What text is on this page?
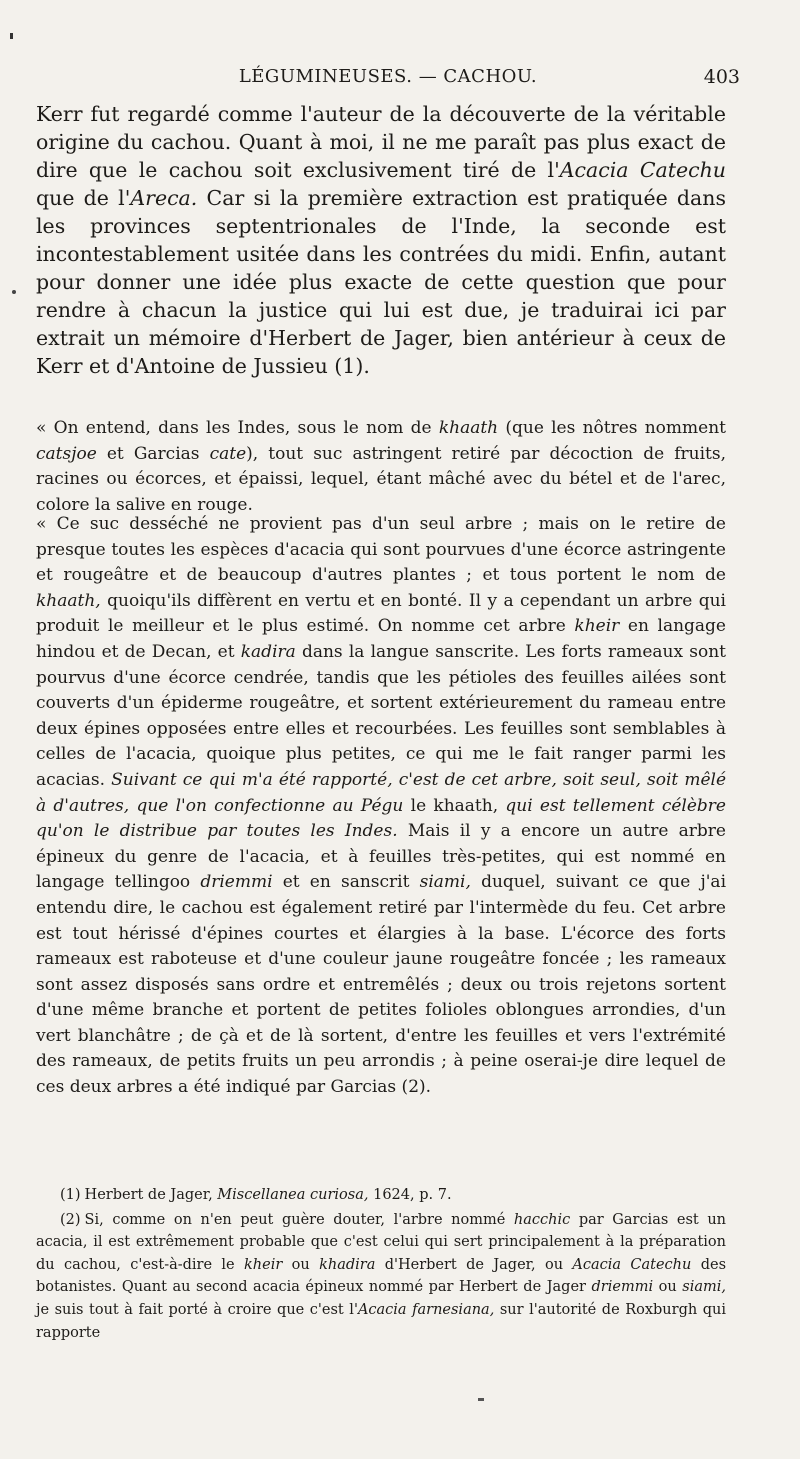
LÉGUMINEUSES. — CACHOU.	403

Kerr fut regardé comme l'auteur de la découverte de la véritable origine du cachou. Quant à moi, il ne me paraît pas plus exact de dire que le cachou soit exclusivement tiré de l'Acacia Catechu que de l'Areca. Car si la première extraction est pratiquée dans les provinces septentrionales de l'Inde, la seconde est incontestablement usitée dans les contrées du midi. Enfin, autant pour donner une idée plus exacte de cette question que pour rendre à chacun la justice qui lui est due, je traduirai ici par extrait un mémoire d'Herbert de Jager, bien antérieur à ceux de Kerr et d'Antoine de Jussieu (1).

« On entend, dans les Indes, sous le nom de khaath (que les nôtres nomment catsjoe et Garcias cate), tout suc astringent retiré par décoction de fruits, racines ou écorces, et épaissi, lequel, étant mâché avec du bétel et de l'arec, colore la salive en rouge.

« Ce suc desséché ne provient pas d'un seul arbre ; mais on le retire de presque toutes les espèces d'acacia qui sont pourvues d'une écorce astringente et rougeâtre et de beaucoup d'autres plantes ; et tous portent le nom de khaath, quoiqu'ils diffèrent en vertu et en bonté. Il y a cependant un arbre qui produit le meilleur et le plus estimé. On nomme cet arbre kheir en langage hindou et de Decan, et kadira dans la langue sanscrite. Les forts rameaux sont pourvus d'une écorce cendrée, tandis que les pétioles des feuilles ailées sont couverts d'un épiderme rougeâtre, et sortent extérieurement du rameau entre deux épines opposées entre elles et recourbées. Les feuilles sont semblables à celles de l'acacia, quoique plus petites, ce qui me le fait ranger parmi les acacias. Suivant ce qui m'a été rapporté, c'est de cet arbre, soit seul, soit mêlé à d'autres, que l'on confectionne au Pégu le khaath, qui est tellement célèbre qu'on le distribue par toutes les Indes. Mais il y a encore un autre arbre épineux du genre de l'acacia, et à feuilles très-petites, qui est nommé en langage tellingoo driemmi et en sanscrit siami, duquel, suivant ce que j'ai entendu dire, le cachou est également retiré par l'intermède du feu. Cet arbre est tout hérissé d'épines courtes et élargies à la base. L'écorce des forts rameaux est raboteuse et d'une couleur jaune rougeâtre foncée ; les rameaux sont assez disposés sans ordre et entremêlés ; deux ou trois rejetons sortent d'une même branche et portent de petites folioles oblongues arrondies, d'un vert blanchâtre ; de çà et de là sortent, d'entre les feuilles et vers l'extrémité des rameaux, de petits fruits un peu arrondis ; à peine oserai-je dire lequel de ces deux arbres a été indiqué par Garcias (2).

(1) Herbert de Jager, Miscellanea curiosa, 1624, p. 7.

(2) Si, comme on n'en peut guère douter, l'arbre nommé hacchic par Garcias est un acacia, il est extrêmement probable que c'est celui qui sert principalement à la préparation du cachou, c'est-à-dire le kheir ou khadira d'Herbert de Jager, ou Acacia Catechu des botanistes. Quant au second acacia épineux nommé par Herbert de Jager driemmi ou siami, je suis tout à fait porté à croire que c'est l'Acacia farnesiana, sur l'autorité de Roxburgh qui rapporte
